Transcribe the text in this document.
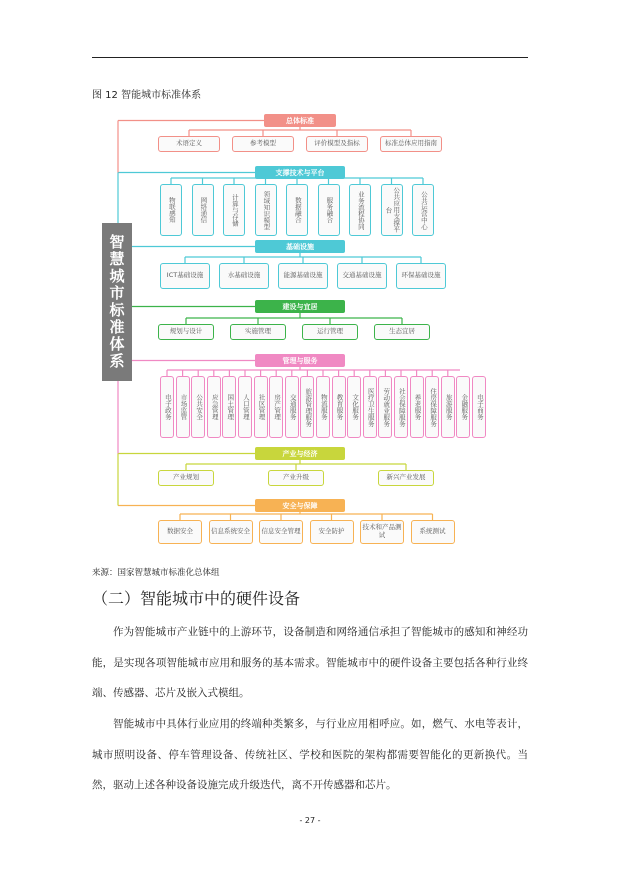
图 12 智能城市标准体系
智慧城市标准体系
总体标准
术语定义	参考模型	评价模型及指标	标准总体应用指南
支撑技术与平台
物联感知	网络通信	计算与存储	领域知识模型	数据融合	服务融合	业务流程协同	公共应用支撑平台	公共运营中心
基础设施
ICT基础设施	水基础设施	能源基础设施	交通基础设施	环保基础设施
建设与宜居
规划与设计	实施管理	运行管理	生态宜居
管理与服务
电子政务	市场监管	公共安全	应急管理	国土管理	人口管理	社区管理	房产管理	交通服务	旅游管理服务	物流服务	教育服务	文化服务	医疗卫生服务	劳动就业服务	社会保障服务	养老服务	住房保障服务	旅游服务	金融服务	电子商务
产业与经济
产业规划	产业升级	新兴产业发展
安全与保障
数据安全	信息系统安全	信息安全管理	安全防护	技术和产品测试	系统测试
来源：国家智慧城市标准化总体组
（二）智能城市中的硬件设备
作为智能城市产业链中的上游环节，设备制造和网络通信承担了智能城市的感知和神经功能，是实现各项智能城市应用和服务的基本需求。智能城市中的硬件设备主要包括各种行业终端、传感器、芯片及嵌入式模组。
智能城市中具体行业应用的终端种类繁多，与行业应用相呼应。如，燃气、水电等表计，城市照明设备、停车管理设备、传统社区、学校和医院的架构都需要智能化的更新换代。当然，驱动上述各种设备设施完成升级迭代，离不开传感器和芯片。
- 27 -
